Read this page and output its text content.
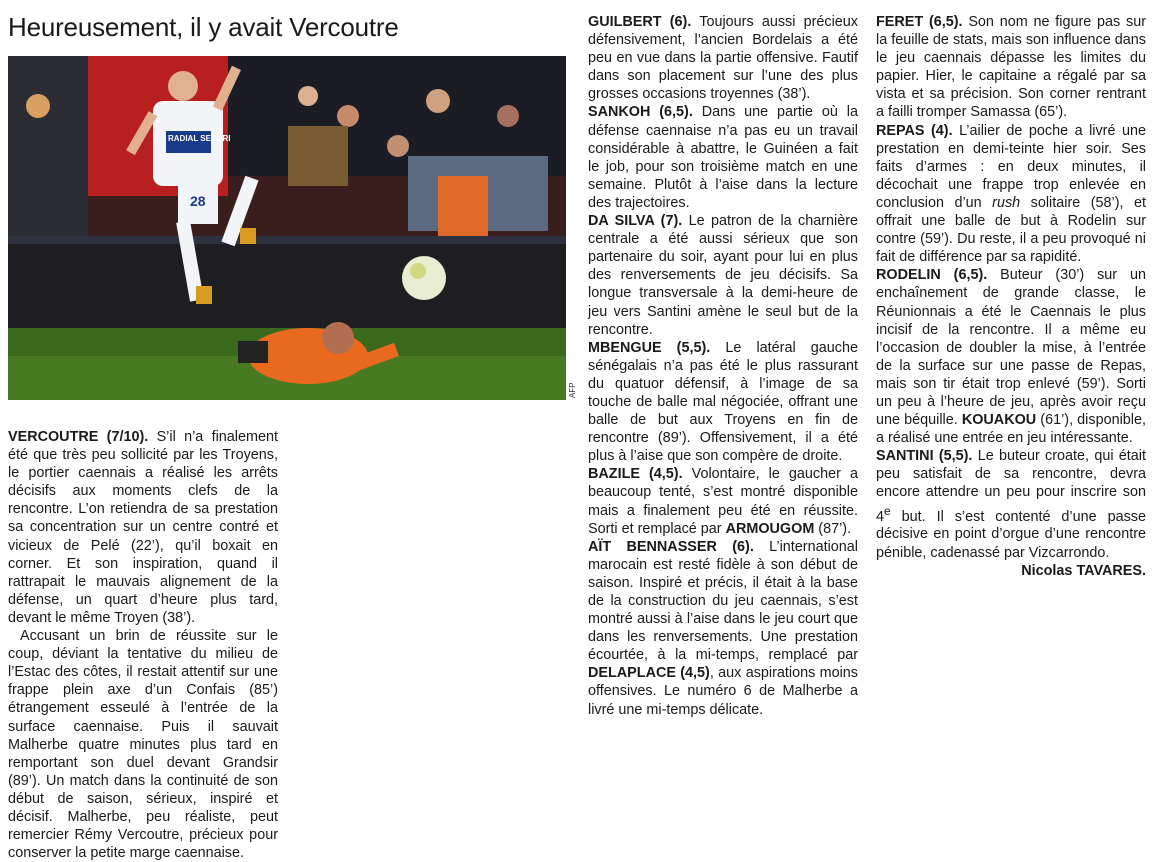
Heureusement, il y avait Vercoutre
RADIAL SECURI
28
AFP

VERCOUTRE (7/10). S’il n’a finalement été que très peu sollicité par les Troyens, le portier caennais a réalisé les arrêts décisifs aux moments clefs de la rencontre. L’on retiendra de sa prestation sa concentration sur un centre contré et vicieux de Pelé (22’), qu’il boxait en corner. Et son inspiration, quand il rattrapait le mauvais alignement de la défense, un quart d’heure plus tard, devant le même Troyen (38’).

Accusant un brin de réussite sur le coup, déviant la tentative du milieu de l’Estac des côtes, il restait attentif sur une frappe plein axe d’un Confais (85’) étrangement esseulé à l’entrée de la surface caennaise. Puis il sauvait Malherbe quatre minutes plus tard en remportant son duel devant Grandsir (89’). Un match dans la continuité de son début de saison, sérieux, inspiré et décisif. Malherbe, peu réaliste, peut remercier Rémy Vercoutre, précieux pour conserver la petite marge caennaise.

GUILBERT (6). Toujours aussi précieux défensivement, l’ancien Bordelais a été peu en vue dans la partie offensive. Fautif dans son placement sur l’une des plus grosses occasions troyennes (38’).

SANKOH (6,5). Dans une partie où la défense caennaise n’a pas eu un travail considérable à abattre, le Guinéen a fait le job, pour son troisième match en une semaine. Plutôt à l’aise dans la lecture des trajectoires.

DA SILVA (7). Le patron de la charnière centrale a été aussi sérieux que son partenaire du soir, ayant pour lui en plus des renversements de jeu décisifs. Sa longue transversale à la demi-heure de jeu vers Santini amène le seul but de la rencontre.

MBENGUE (5,5). Le latéral gauche sénégalais n’a pas été le plus rassurant du quatuor défensif, à l’image de sa touche de balle mal négociée, offrant une balle de but aux Troyens en fin de rencontre (89’). Offensivement, il a été plus à l’aise que son compère de droite.

BAZILE (4,5). Volontaire, le gaucher a beaucoup tenté, s’est montré disponible mais a finalement peu été en réussite. Sorti et remplacé par ARMOUGOM (87’).

AÏT BENNASSER (6). L’international marocain est resté fidèle à son début de saison. Inspiré et précis, il était à la base de la construction du jeu caennais, s’est montré aussi à l’aise dans le jeu court que dans les renversements. Une prestation écourtée, à la mi-temps, remplacé par DELAPLACE (4,5), aux aspirations moins offensives. Le numéro 6 de Malherbe a livré une mi-temps délicate.

FERET (6,5). Son nom ne figure pas sur la feuille de stats, mais son influence dans le jeu caennais dépasse les limites du papier. Hier, le capitaine a régalé par sa vista et sa précision. Son corner rentrant a failli tromper Samassa (65’).

REPAS (4). L’ailier de poche a livré une prestation en demi-teinte hier soir. Ses faits d’armes : en deux minutes, il décochait une frappe trop enlevée en conclusion d’un rush solitaire (58’), et offrait une balle de but à Rodelin sur contre (59’). Du reste, il a peu provoqué ni fait de différence par sa rapidité.

RODELIN (6,5). Buteur (30’) sur un enchaînement de grande classe, le Réunionnais a été le Caennais le plus incisif de la rencontre. Il a même eu l’occasion de doubler la mise, à l’entrée de la surface sur une passe de Repas, mais son tir était trop enlevé (59’). Sorti un peu à l’heure de jeu, après avoir reçu une béquille. KOUAKOU (61’), disponible, a réalisé une entrée en jeu intéressante.

SANTINI (5,5). Le buteur croate, qui était peu satisfait de sa rencontre, devra encore attendre un peu pour inscrire son 4e but. Il s’est contenté d’une passe décisive en point d’orgue d’une rencontre pénible, cadenassé par Vizcarrondo.

Nicolas TAVARES.
